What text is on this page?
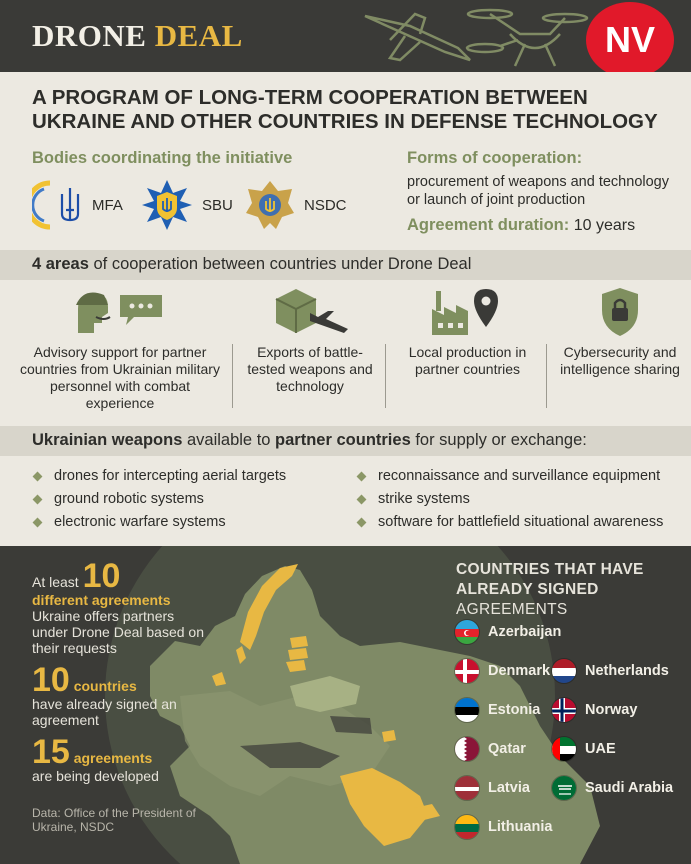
DRONE DEAL	NV
A PROGRAM OF LONG-TERM COOPERATION BETWEEN UKRAINE AND OTHER COUNTRIES IN DEFENSE TECHNOLOGY
Bodies coordinating the initiative
MFA	SBU	NSDC
Forms of cooperation:
procurement of weapons and technology or launch of joint production
Agreement duration: 10 years
4 areas of cooperation between countries under Drone Deal
Advisory support for partner countries from Ukrainian military personnel with combat experience
Exports of battle-tested weapons and technology
Local production in partner countries
Cybersecurity and intelligence sharing
Ukrainian weapons available to partner countries for supply or exchange:
drones for intercepting aerial targets
ground robotic systems
electronic warfare systems
reconnaissance and surveillance equipment
strike systems
software for battlefield situational awareness
At least 10
different agreements
Ukraine offers partners under Drone Deal based on their requests
10 countries
have already signed an agreement
15 agreements
are being developed
Data: Office of the President of Ukraine, NSDC
COUNTRIES THAT HAVE
ALREADY SIGNED AGREEMENTS
Azerbaijan
Denmark Netherlands
Estonia	Norway
Qatar	UAE
Latvia	Saudi Arabia
Lithuania
